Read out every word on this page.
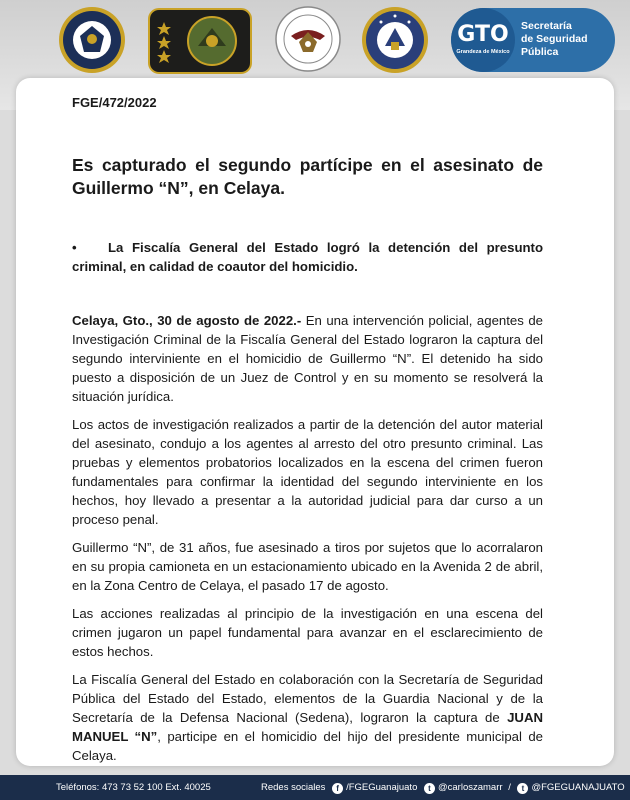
GTO
Grandeza de México
Secretaría
de Seguridad
Pública

FGE/472/2022

Es capturado el segundo partícipe en el asesinato de Guillermo “N”, en Celaya.

• La Fiscalía General del Estado logró la detención del presunto criminal, en calidad de coautor del homicidio.

Celaya, Gto., 30 de agosto de 2022.- En una intervención policial, agentes de Investigación Criminal de la Fiscalía General del Estado lograron la captura del segundo interviniente en el homicidio de Guillermo “N”. El detenido ha sido puesto a disposición de un Juez de Control y en su momento se resolverá la situación jurídica.

Los actos de investigación realizados a partir de la detención del autor material del asesinato, condujo a los agentes al arresto del otro presunto criminal. Las pruebas y elementos probatorios localizados en la escena del crimen fueron fundamentales para confirmar la identidad del segundo interviniente en los hechos, hoy llevado a presentar a la autoridad judicial para dar curso a un proceso penal.

Guillermo “N”, de 31 años, fue asesinado a tiros por sujetos que lo acorralaron en su propia camioneta en un estacionamiento ubicado en la Avenida 2 de abril, en la Zona Centro de Celaya, el pasado 17 de agosto.

Las acciones realizadas al principio de la investigación en una escena del crimen jugaron un papel fundamental para avanzar en el esclarecimiento de estos hechos.

La Fiscalía General del Estado en colaboración con la Secretaría de Seguridad Pública del Estado del Estado, elementos de la Guardia Nacional y de la Secretaría de la Defensa Nacional (Sedena), lograron la captura de JUAN MANUEL “N”, participe en el homicidio del hijo del presidente municipal de Celaya.

Teléfonos: 473 73 52 100 Ext. 40025	Redes sociales f /FGEGuanajuato t @carloszamarr / t @FGEGUANAJUATO
